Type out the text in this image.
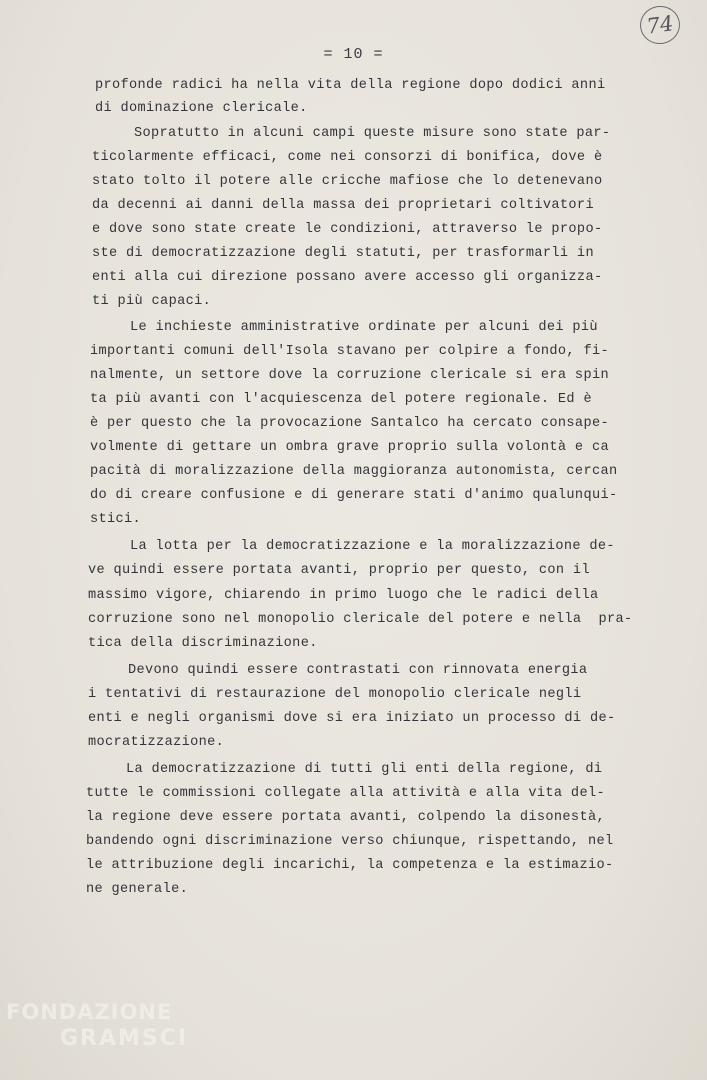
74
= 10 =
profonde radici ha nella vita della regione dopo dodici anni
di dominazione clericale.
Sopratutto in alcuni campi queste misure sono state par-
ticolarmente efficaci, come nei consorzi di bonifica, dove è
stato tolto il potere alle cricche mafiose che lo detenevano
da decenni ai danni della massa dei proprietari coltivatori
e dove sono state create le condizioni, attraverso le propo-
ste di democratizzazione degli statuti, per trasformarli in
enti alla cui direzione possano avere accesso gli organizza-
ti più capaci.
Le inchieste amministrative ordinate per alcuni dei più
importanti comuni dell'Isola stavano per colpire a fondo, fi-
nalmente, un settore dove la corruzione clericale si era spin
ta più avanti con l'acquiescenza del potere regionale. Ed è
è per questo che la provocazione Santalco ha cercato consape-
volmente di gettare un ombra grave proprio sulla volontà e ca
pacità di moralizzazione della maggioranza autonomista, cercan
do di creare confusione e di generare stati d'animo qualunqui-
stici.
La lotta per la democratizzazione e la moralizzazione de-
ve quindi essere portata avanti, proprio per questo, con il
massimo vigore, chiarendo in primo luogo che le radici della
corruzione sono nel monopolio clericale del potere e nella  pra-
tica della discriminazione.
Devono quindi essere contrastati con rinnovata energia
i tentativi di restaurazione del monopolio clericale negli
enti e negli organismi dove si era iniziato un processo di de-
mocratizzazione.
La democratizzazione di tutti gli enti della regione, di
tutte le commissioni collegate alla attività e alla vita del-
la regione deve essere portata avanti, colpendo la disonestà,
bandendo ogni discriminazione verso chiunque, rispettando, nel
le attribuzione degli incarichi, la competenza e la estimazio-
ne generale.
FONDAZIONE
GRAMSCI
